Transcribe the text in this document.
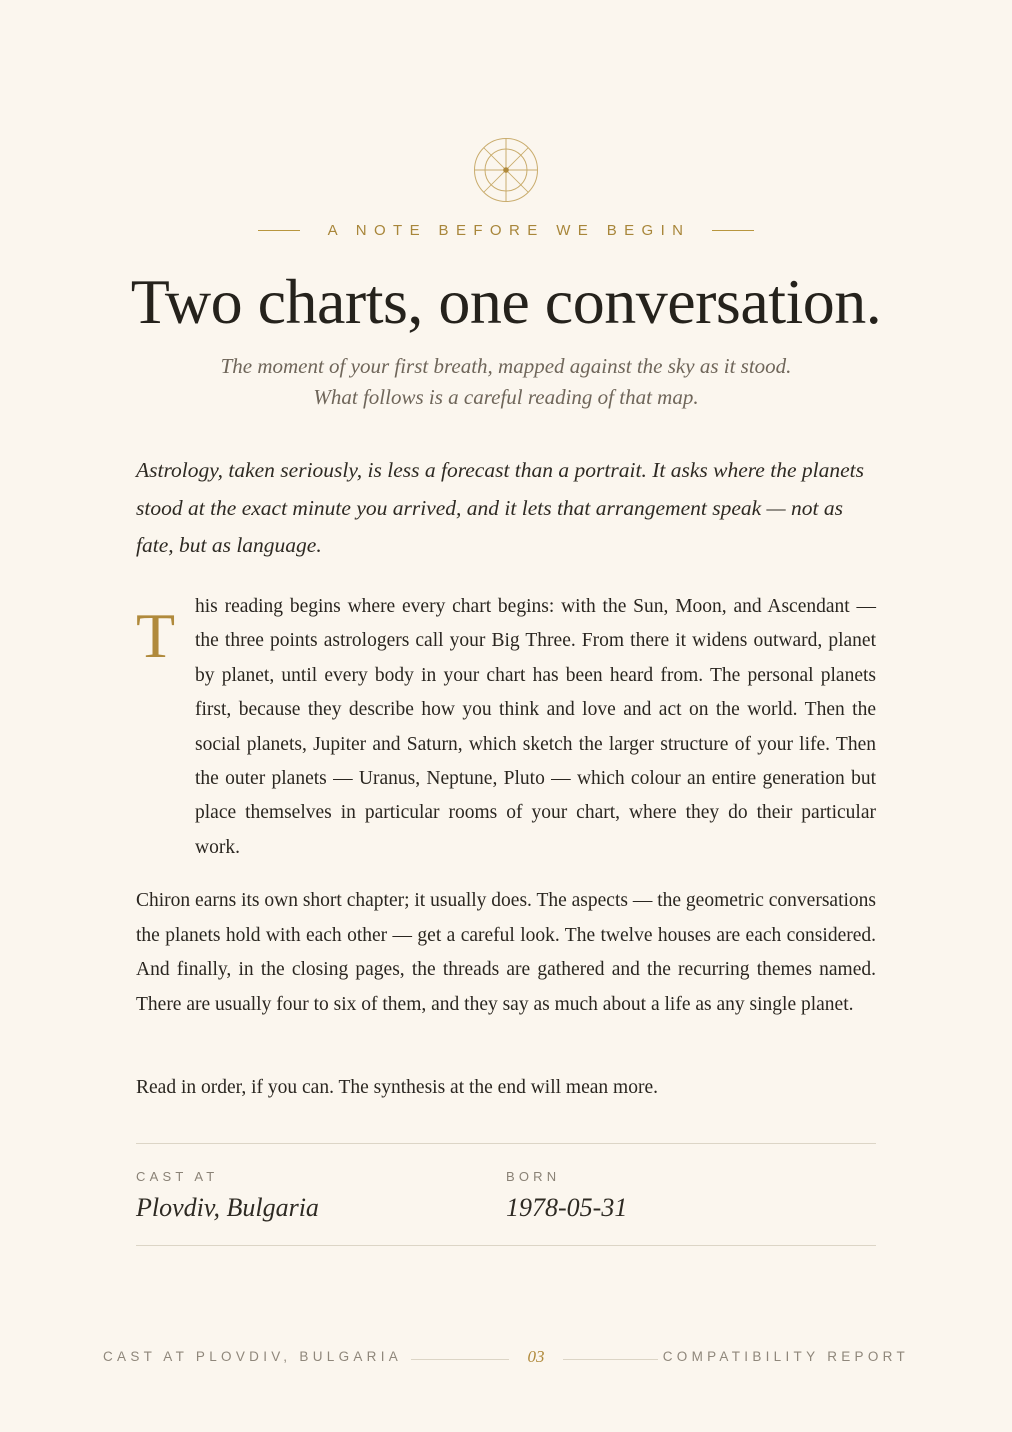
A NOTE BEFORE WE BEGIN
Two charts, one conversation.

The moment of your first breath, mapped against the sky as it stood. What follows is a careful reading of that map.

Astrology, taken seriously, is less a forecast than a portrait. It asks where the planets stood at the exact minute you arrived, and it lets that arrangement speak — not as fate, but as language.

T his reading begins where every chart begins: with the Sun, Moon, and Ascendant — the three points astrologers call your Big Three. From there it widens outward, planet by planet, until every body in your chart has been heard from. The personal planets first, because they describe how you think and love and act on the world. Then the social planets, Jupiter and Saturn, which sketch the larger structure of your life. Then the outer planets — Uranus, Neptune, Pluto — which colour an entire generation but place themselves in particular rooms of your chart, where they do their particular work.

Chiron earns its own short chapter; it usually does. The aspects — the geometric conversations the planets hold with each other — get a careful look. The twelve houses are each considered. And finally, in the closing pages, the threads are gathered and the recurring themes named. There are usually four to six of them, and they say as much about a life as any single planet.

Read in order, if you can. The synthesis at the end will mean more.

CAST AT

Plovdiv, Bulgaria

BORN

1978-05-31

CAST AT PLOVDIV, BULGARIA	03	COMPATIBILITY REPORT
